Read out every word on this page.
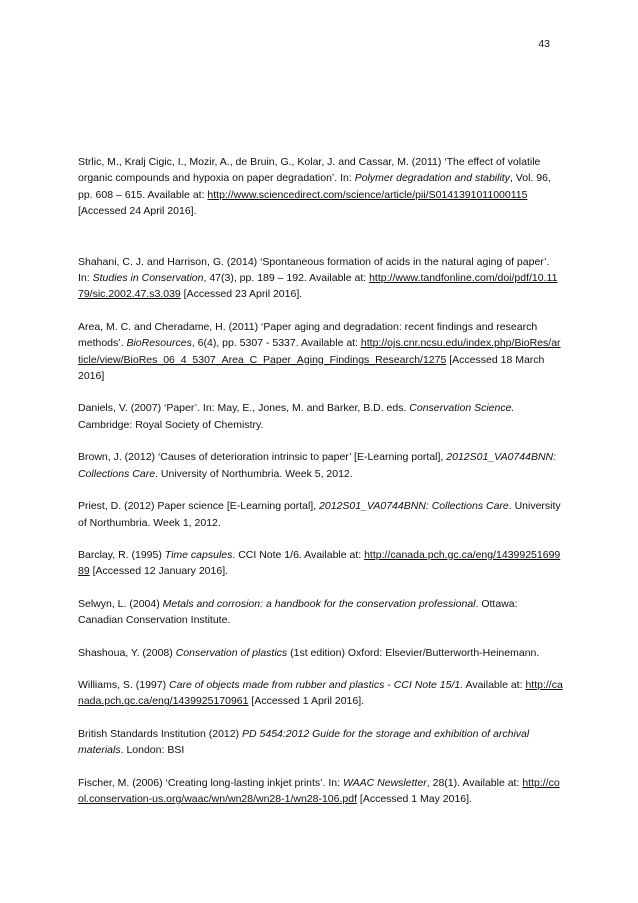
43

Strlic, M., Kralj Cigic, I., Mozir, A., de Bruin, G., Kolar, J. and Cassar, M. (2011) ‘The effect of volatile organic compounds and hypoxia on paper degradation’. In: Polymer degradation and stability, Vol. 96, pp. 608 – 615. Available at: http://www.sciencedirect.com/science/article/pii/S0141391011000115 [Accessed 24 April 2016].

Shahani, C. J. and Harrison, G. (2014) ‘Spontaneous formation of acids in the natural aging of paper’. In: Studies in Conservation, 47(3), pp. 189 – 192. Available at: http://www.tandfonline.com/doi/pdf/10.1179/sic.2002.47.s3.039 [Accessed 23 April 2016].

Area, M. C. and Cheradame, H. (2011) ‘Paper aging and degradation: recent findings and research methods’. BioResources, 6(4), pp. 5307 - 5337. Available at: http://ojs.cnr.ncsu.edu/index.php/BioRes/article/view/BioRes_06_4_5307_Area_C_Paper_Aging_Findings_Research/1275 [Accessed 18 March 2016]

Daniels, V. (2007) ‘Paper’. In: May, E., Jones, M. and Barker, B.D. eds. Conservation Science. Cambridge: Royal Society of Chemistry.

Brown, J. (2012) ‘Causes of deterioration intrinsic to paper’ [E-Learning portal], 2012S01_VA0744BNN: Collections Care. University of Northumbria. Week 5, 2012.

Priest, D. (2012) Paper science [E-Learning portal], 2012S01_VA0744BNN: Collections Care. University of Northumbria. Week 1, 2012.

Barclay, R. (1995) Time capsules. CCI Note 1/6. Available at: http://canada.pch.gc.ca/eng/1439925169989 [Accessed 12 January 2016].

Selwyn, L. (2004) Metals and corrosion: a handbook for the conservation professional. Ottawa: Canadian Conservation Institute.

Shashoua, Y. (2008) Conservation of plastics (1st edition) Oxford: Elsevier/Butterworth-Heinemann.

Williams, S. (1997) Care of objects made from rubber and plastics - CCI Note 15/1. Available at: http://canada.pch.gc.ca/eng/1439925170961 [Accessed 1 April 2016].

British Standards Institution (2012) PD 5454:2012 Guide for the storage and exhibition of archival materials. London: BSI

Fischer, M. (2006) ‘Creating long-lasting inkjet prints’. In: WAAC Newsletter, 28(1). Available at: http://cool.conservation-us.org/waac/wn/wn28/wn28-1/wn28-106.pdf [Accessed 1 May 2016].
